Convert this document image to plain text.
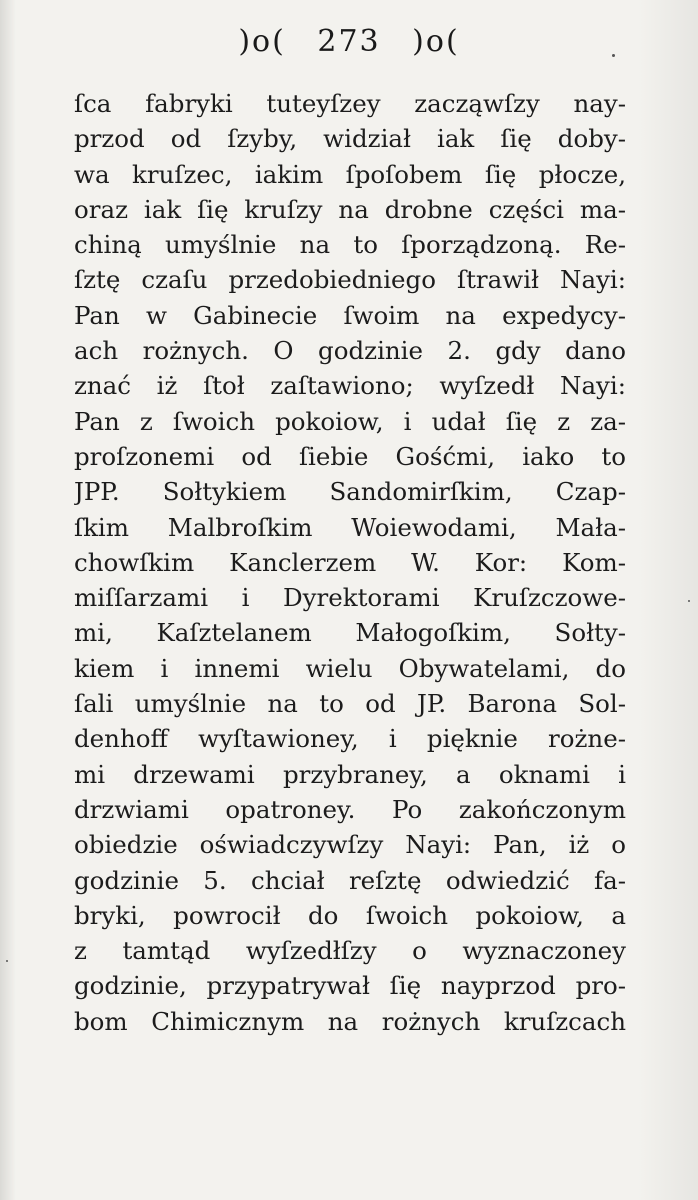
)o( 273 )o(
ſca fabryki tuteyſzey zacząwſzy nay-
przod od ſzyby, widział iak ſię doby-
wa kruſzec, iakim ſpoſobem ſię płocze,
oraz iak ſię kruſzy na drobne części ma-
chiną umyślnie na to ſporządzoną. Re-
ſztę czaſu przedobiedniego ſtrawił Nayi:
Pan w Gabinecie ſwoim na expedycy-
ach rożnych. O godzinie 2. gdy dano
znać iż ſtoł zaſtawiono; wyſzedł Nayi:
Pan z ſwoich pokoiow, i udał ſię z za-
proſzonemi od ſiebie Gośćmi, iako to
JPP. Sołtykiem Sandomirſkim, Czap-
ſkim Malbroſkim Woiewodami, Mała-
chowſkim Kanclerzem W. Kor: Kom-
miſſarzami i Dyrektorami Kruſzczowe-
mi, Kaſztelanem Małogoſkim, Sołty-
kiem i innemi wielu Obywatelami, do
ſali umyślnie na to od JP. Barona Sol-
denhoff wyſtawioney, i pięknie rożne-
mi drzewami przybraney, a oknami i
drzwiami opatroney. Po zakończonym
obiedzie oświadczywſzy Nayi: Pan, iż o
godzinie 5. chciał reſztę odwiedzić fa-
bryki, powrocił do ſwoich pokoiow, a
z tamtąd wyſzedłſzy o wyznaczoney
godzinie, przypatrywał ſię nayprzod pro-
bom Chimicznym na rożnych kruſzcach
